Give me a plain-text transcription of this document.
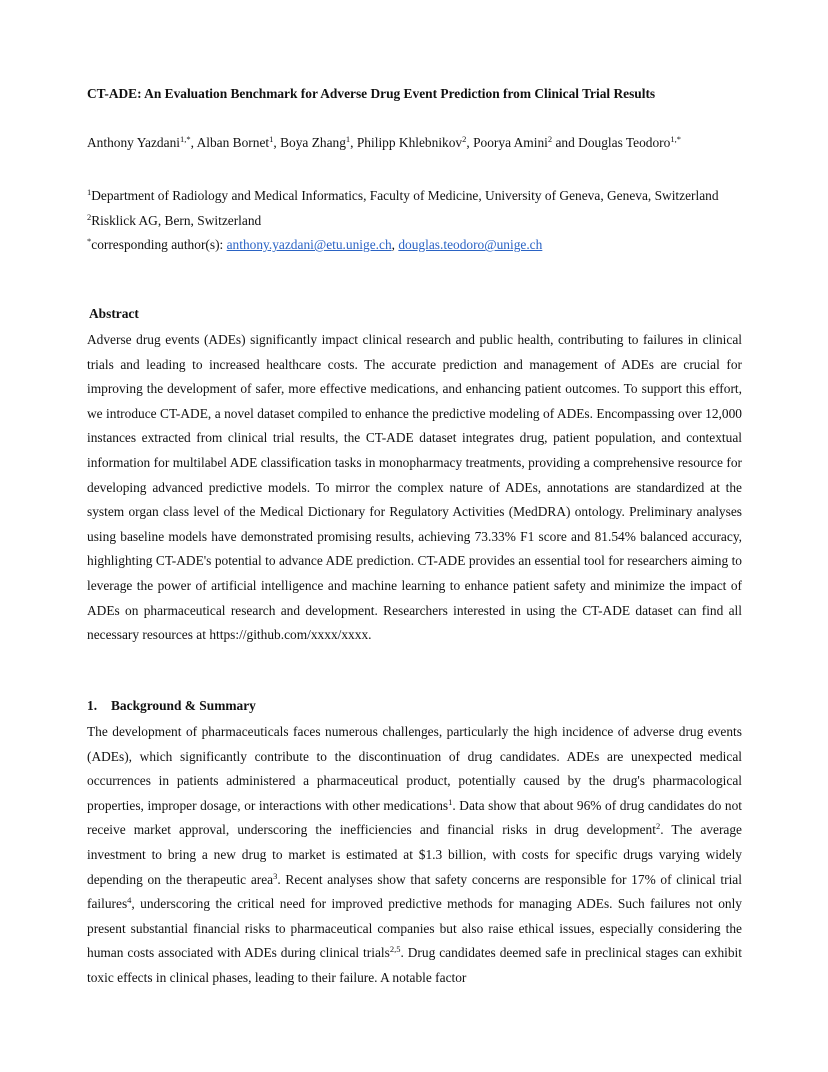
CT-ADE: An Evaluation Benchmark for Adverse Drug Event Prediction from Clinical Trial Results
Anthony Yazdani$^{1,*}$, Alban Bornet$^1$, Boya Zhang$^1$, Philipp Khlebnikov$^2$, Poorya Amini$^2$ and Douglas Teodoro$^{1,*}$
$^1$Department of Radiology and Medical Informatics, Faculty of Medicine, University of Geneva, Geneva, Switzerland
$^2$Risklick AG, Bern, Switzerland
*corresponding author(s): anthony.yazdani@etu.unige.ch, douglas.teodoro@unige.ch
Abstract
Adverse drug events (ADEs) significantly impact clinical research and public health, contributing to failures in clinical trials and leading to increased healthcare costs. The accurate prediction and management of ADEs are crucial for improving the development of safer, more effective medications, and enhancing patient outcomes. To support this effort, we introduce CT-ADE, a novel dataset compiled to enhance the predictive modeling of ADEs. Encompassing over 12,000 instances extracted from clinical trial results, the CT-ADE dataset integrates drug, patient population, and contextual information for multilabel ADE classification tasks in monopharmacy treatments, providing a comprehensive resource for developing advanced predictive models. To mirror the complex nature of ADEs, annotations are standardized at the system organ class level of the Medical Dictionary for Regulatory Activities (MedDRA) ontology. Preliminary analyses using baseline models have demonstrated promising results, achieving 73.33% F1 score and 81.54% balanced accuracy, highlighting CT-ADE's potential to advance ADE prediction. CT-ADE provides an essential tool for researchers aiming to leverage the power of artificial intelligence and machine learning to enhance patient safety and minimize the impact of ADEs on pharmaceutical research and development. Researchers interested in using the CT-ADE dataset can find all necessary resources at https://github.com/xxxx/xxxx.
1. Background & Summary
The development of pharmaceuticals faces numerous challenges, particularly the high incidence of adverse drug events (ADEs), which significantly contribute to the discontinuation of drug candidates. ADEs are unexpected medical occurrences in patients administered a pharmaceutical product, potentially caused by the drug's pharmacological properties, improper dosage, or interactions with other medications$^1$. Data show that about 96% of drug candidates do not receive market approval, underscoring the inefficiencies and financial risks in drug development$^2$. The average investment to bring a new drug to market is estimated at $1.3 billion, with costs for specific drugs varying widely depending on the therapeutic area$^3$. Recent analyses show that safety concerns are responsible for 17% of clinical trial failures$^4$, underscoring the critical need for improved predictive methods for managing ADEs. Such failures not only present substantial financial risks to pharmaceutical companies but also raise ethical issues, especially considering the human costs associated with ADEs during clinical trials$^{2,5}$. Drug candidates deemed safe in preclinical stages can exhibit toxic effects in clinical phases, leading to their failure. A notable factor
